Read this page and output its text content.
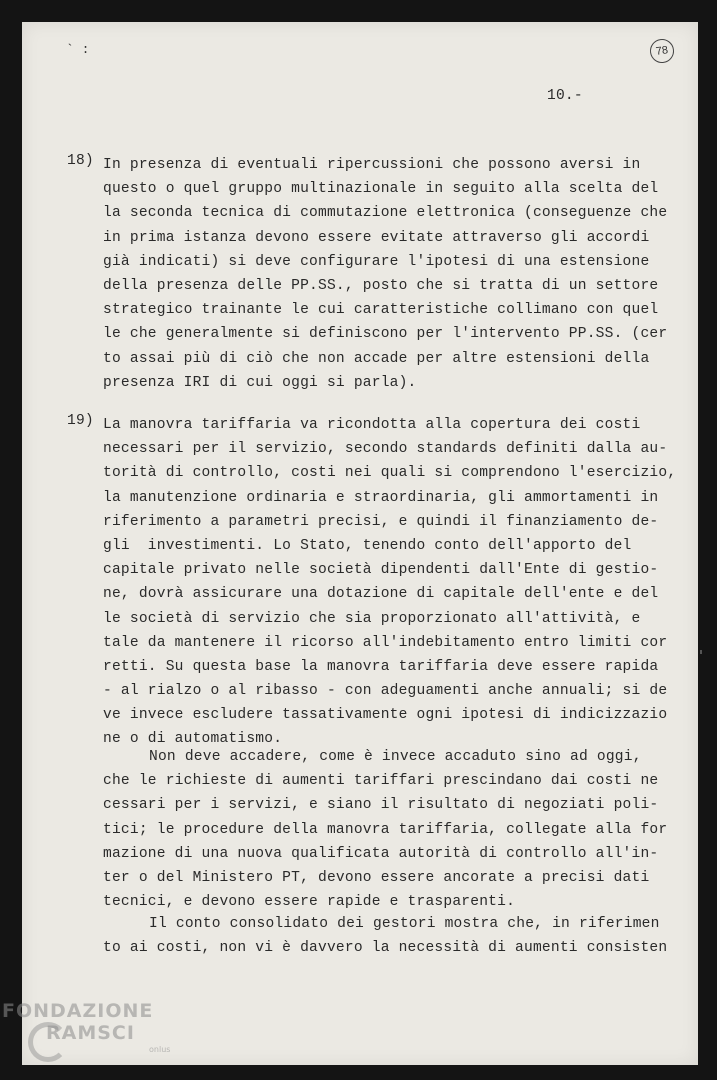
78
` :
10.-
18) In presenza di eventuali ripercussioni che possono aversi in
questo o quel gruppo multinazionale in seguito alla scelta del
la seconda tecnica di commutazione elettronica (conseguenze che
in prima istanza devono essere evitate attraverso gli accordi
già indicati) si deve configurare l'ipotesi di una estensione
della presenza delle PP.SS., posto che si tratta di un settore
strategico trainante le cui caratteristiche collimano con quel
le che generalmente si definiscono per l'intervento PP.SS. (cer
to assai più di ciò che non accade per altre estensioni della
presenza IRI di cui oggi si parla).
19) La manovra tariffaria va ricondotta alla copertura dei costi
necessari per il servizio, secondo standards definiti dalla au-
torità di controllo, costi nei quali si comprendono l'esercizio,
la manutenzione ordinaria e straordinaria, gli ammortamenti in
riferimento a parametri precisi, e quindi il finanziamento de-
gli  investimenti. Lo Stato, tenendo conto dell'apporto del
capitale privato nelle società dipendenti dall'Ente di gestio-
ne, dovrà assicurare una dotazione di capitale dell'ente e del
le società di servizio che sia proporzionato all'attività, e
tale da mantenere il ricorso all'indebitamento entro limiti cor
retti. Su questa base la manovra tariffaria deve essere rapida
- al rialzo o al ribasso - con adeguamenti anche annuali; si de
ve invece escludere tassativamente ogni ipotesi di indicizzazio
ne o di automatismo.
Non deve accadere, come è invece accaduto sino ad oggi,
che le richieste di aumenti tariffari prescindano dai costi ne
cessari per i servizi, e siano il risultato di negoziati poli-
tici; le procedure della manovra tariffaria, collegate alla for
mazione di una nuova qualificata autorità di controllo all'in-
ter o del Ministero PT, devono essere ancorate a precisi dati
tecnici, e devono essere rapide e trasparenti.
Il conto consolidato dei gestori mostra che, in riferimen
to ai costi, non vi è davvero la necessità di aumenti consisten
FONDAZIONE
RAMSCI
onlus
